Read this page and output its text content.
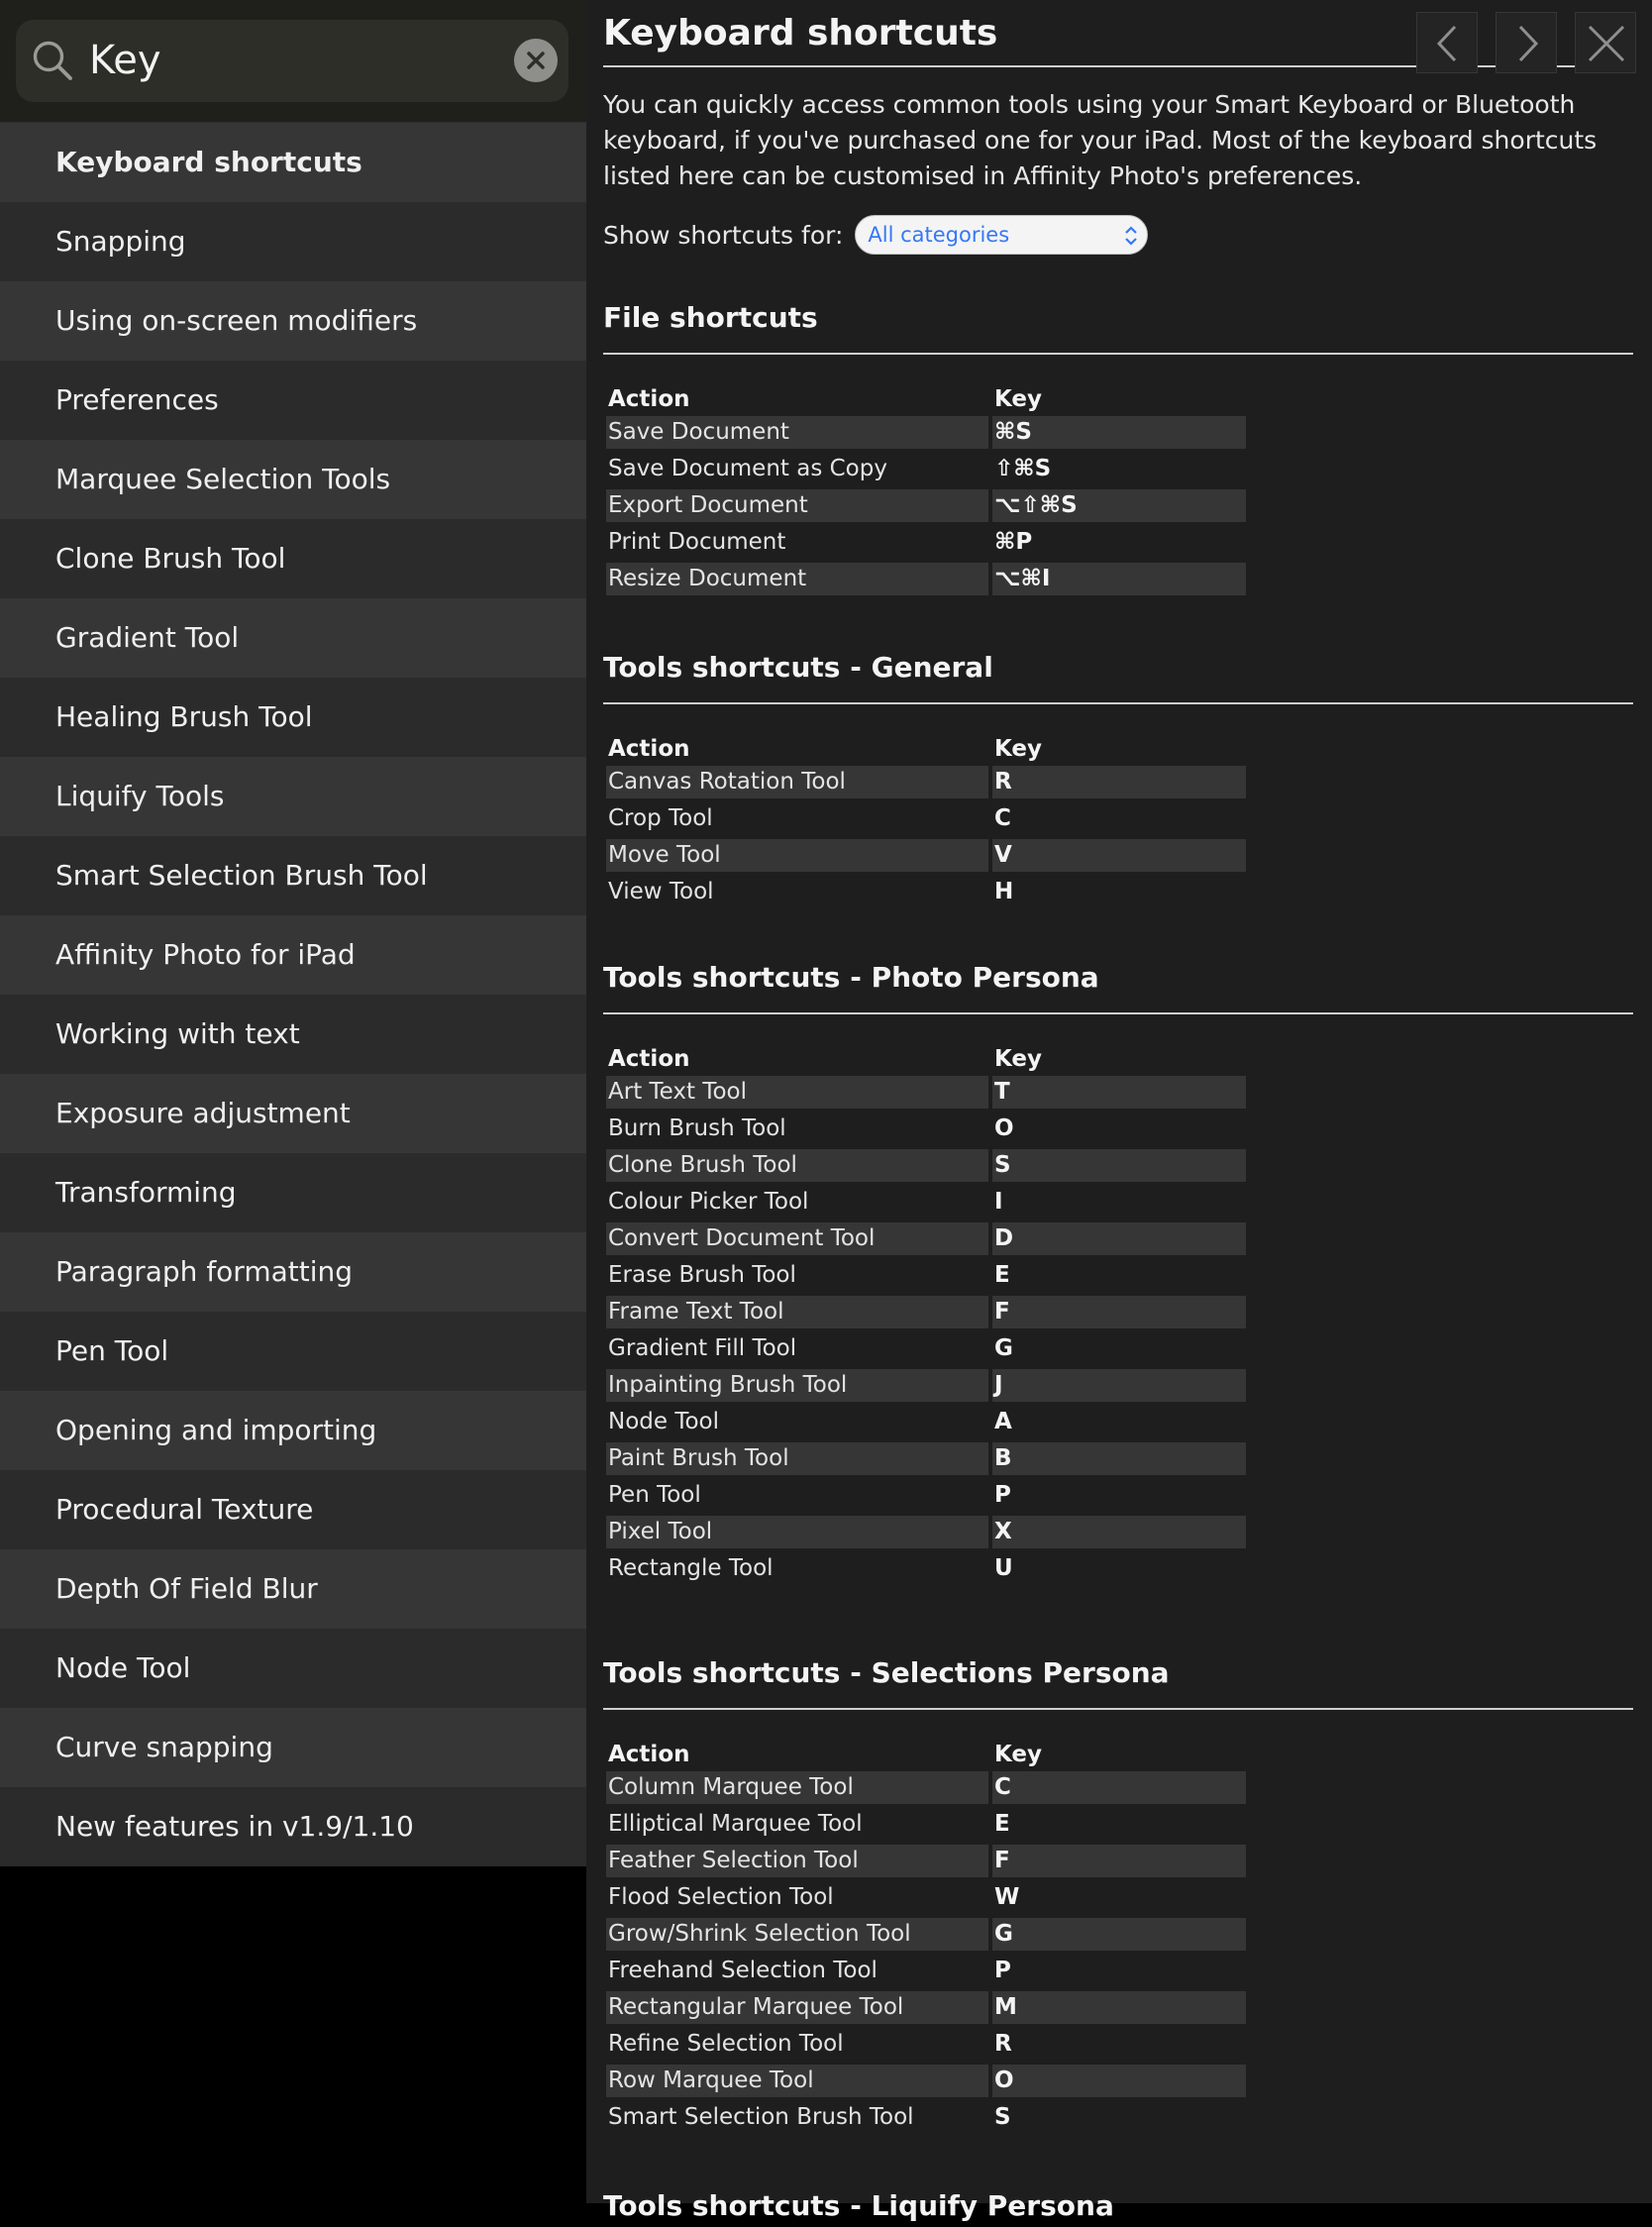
Key
Keyboard shortcuts
Snapping
Using on-screen modifiers
Preferences
Marquee Selection Tools
Clone Brush Tool
Gradient Tool
Healing Brush Tool
Liquify Tools
Smart Selection Brush Tool
Affinity Photo for iPad
Working with text
Exposure adjustment
Transforming
Paragraph formatting
Pen Tool
Opening and importing
Procedural Texture
Depth Of Field Blur
Node Tool
Curve snapping
New features in v1.9/1.10
Keyboard shortcuts

You can quickly access common tools using your Smart Keyboard or Bluetooth keyboard, if you've purchased one for your iPad. Most of the keyboard shortcuts listed here can be customised in Affinity Photo's preferences.

Show shortcuts for: All categories
File shortcuts
Action	Key
Save Document	⌘S
Save Document as Copy	⇧⌘S
Export Document	⌥⇧⌘S
Print Document	⌘P
Resize Document	⌥⌘I
Tools shortcuts - General
Action	Key
Canvas Rotation Tool	R
Crop Tool	C
Move Tool	V
View Tool	H
Tools shortcuts - Photo Persona
Action	Key
Art Text Tool	T
Burn Brush Tool	O
Clone Brush Tool	S
Colour Picker Tool	I
Convert Document Tool	D
Erase Brush Tool	E
Frame Text Tool	F
Gradient Fill Tool	G
Inpainting Brush Tool	J
Node Tool	A
Paint Brush Tool	B
Pen Tool	P
Pixel Tool	X
Rectangle Tool	U
Tools shortcuts - Selections Persona
Action	Key
Column Marquee Tool	C
Elliptical Marquee Tool	E
Feather Selection Tool	F
Flood Selection Tool	W
Grow/Shrink Selection Tool	G
Freehand Selection Tool	P
Rectangular Marquee Tool	M
Refine Selection Tool	R
Row Marquee Tool	O
Smart Selection Brush Tool	S
Tools shortcuts - Liquify Persona
